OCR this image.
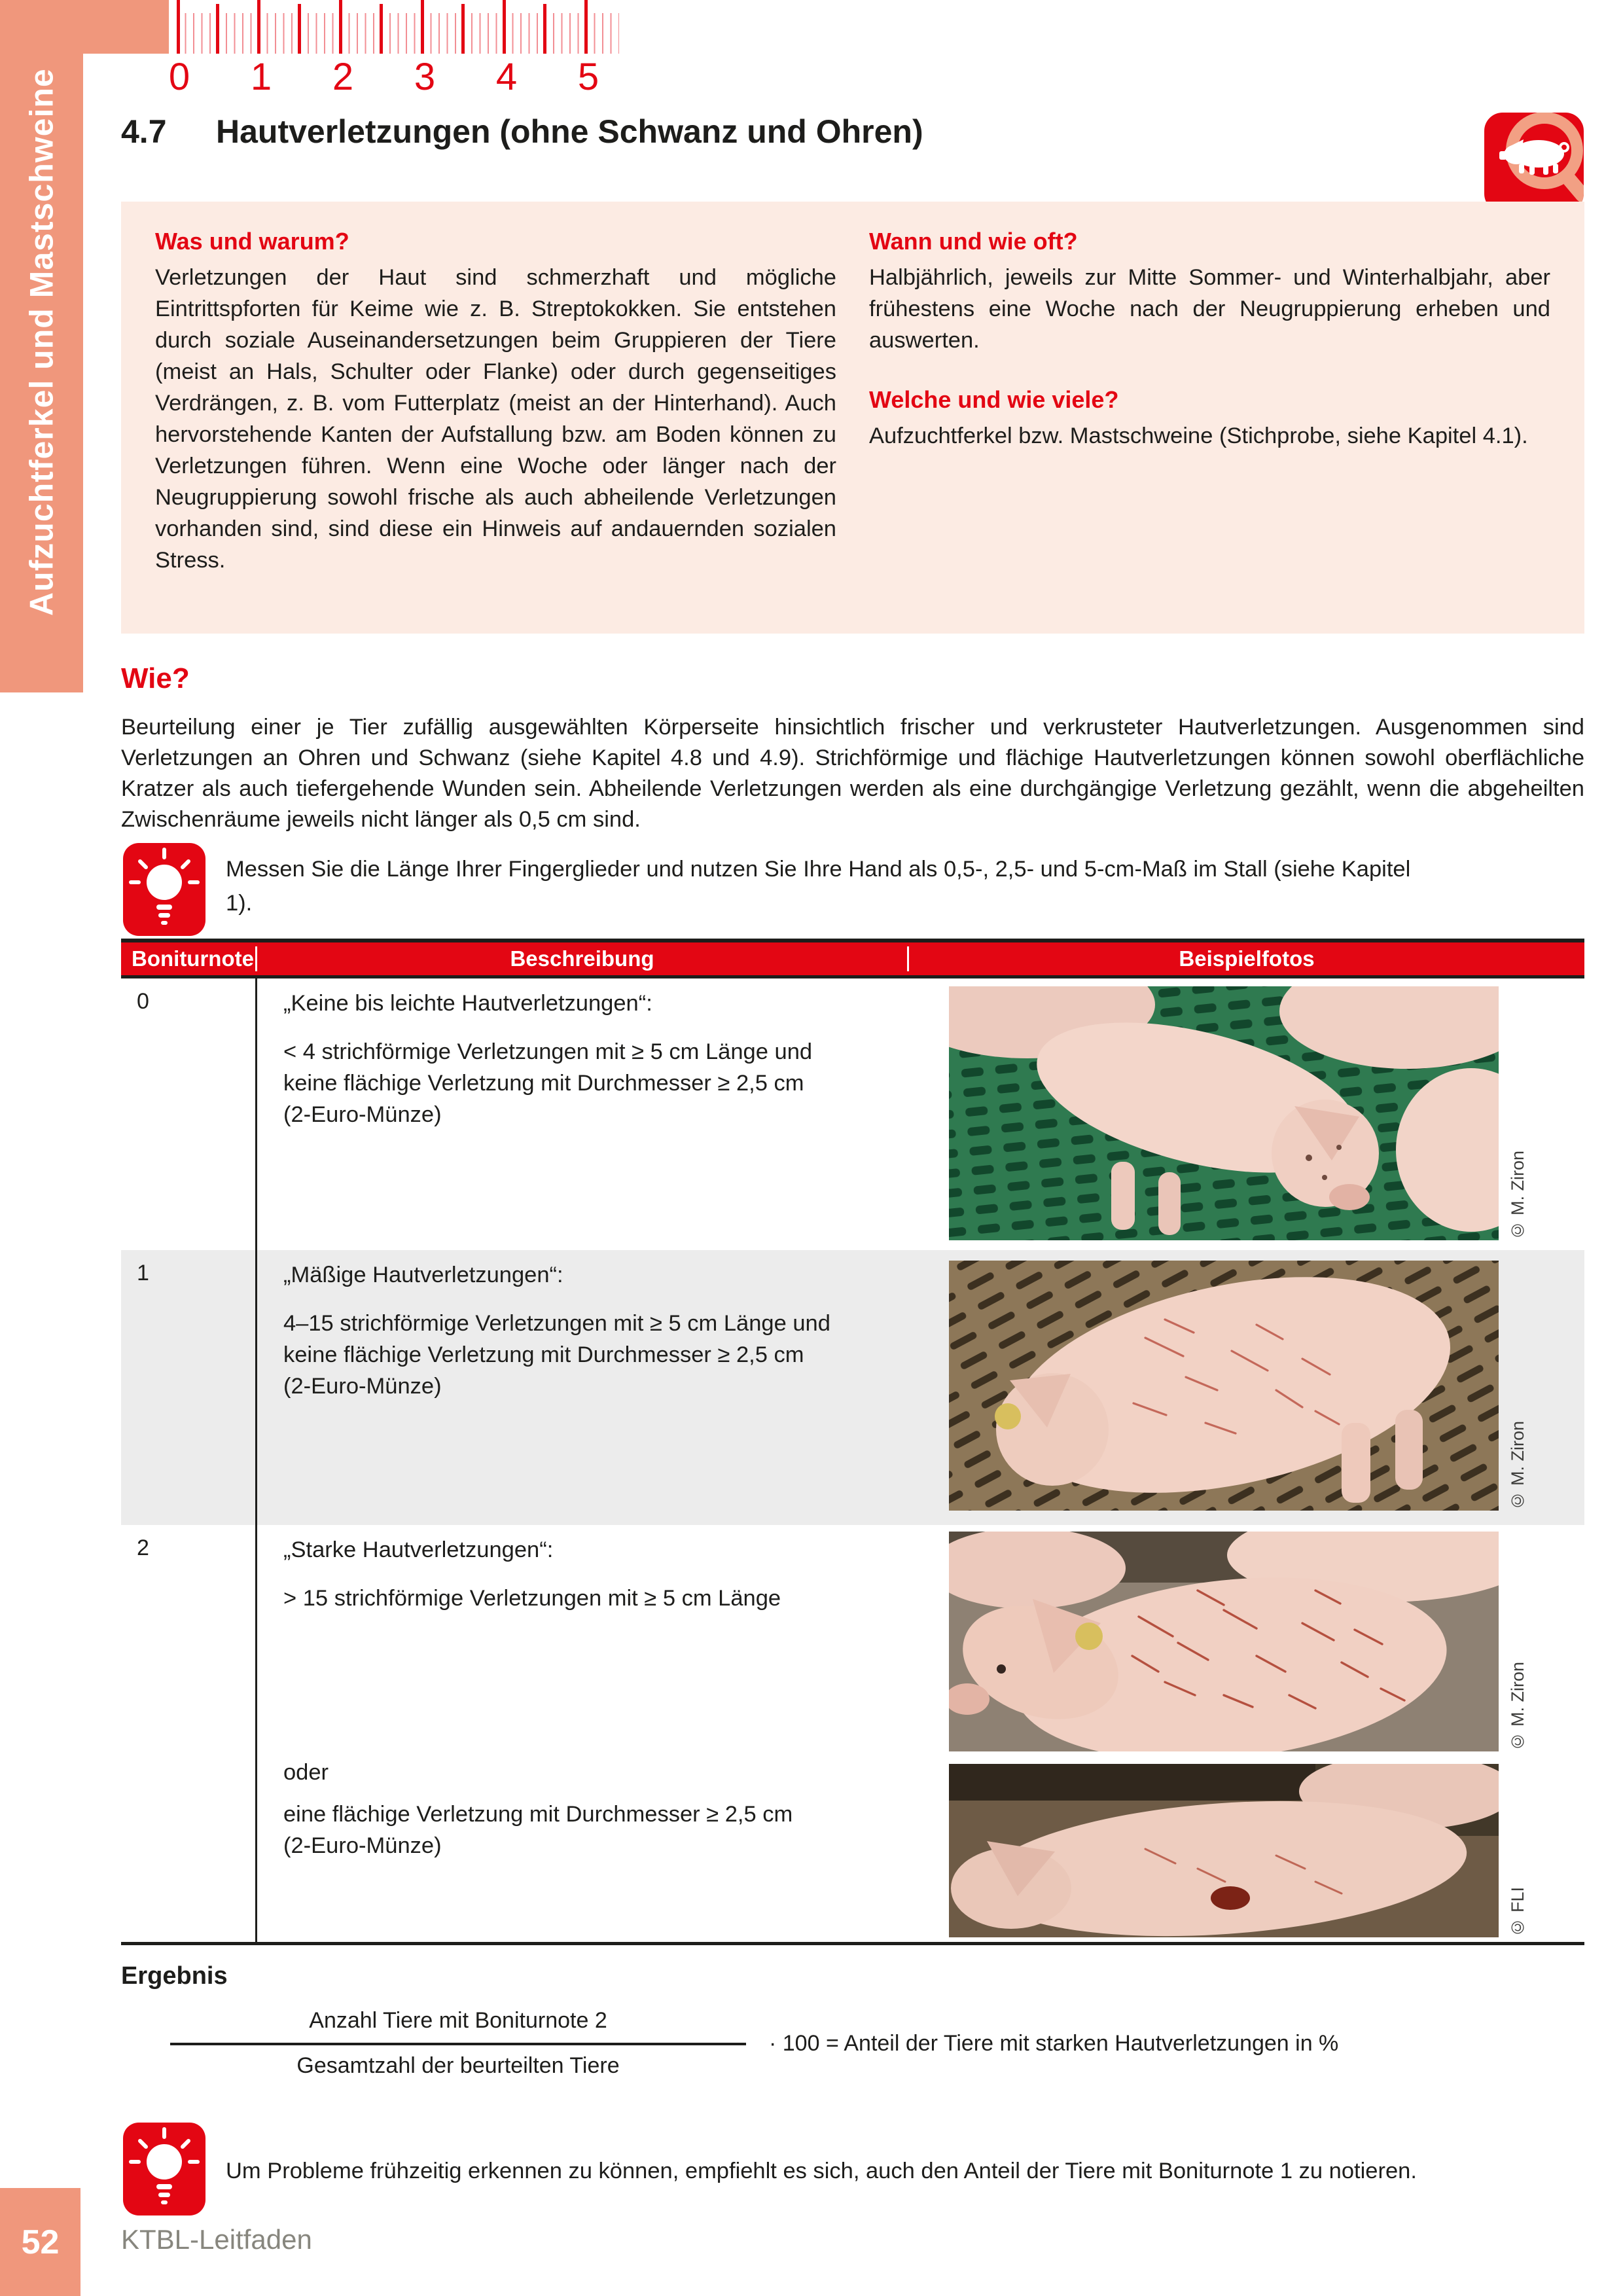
Aufzuchtferkel und Mastschweine	0	1	2	3	4	5
4.7	Hautverletzungen (ohne Schwanz und Ohren)

Was und warum?

Verletzungen der Haut sind schmerzhaft und mögliche Eintrittspforten für Keime wie z. B. Streptokokken. Sie entstehen durch soziale Auseinandersetzungen beim Gruppieren der Tiere (meist an Hals, Schulter oder Flanke) oder durch gegenseitiges Verdrängen, z. B. vom Futterplatz (meist an der Hinterhand). Auch hervorstehende Kanten der Aufstallung bzw. am Boden können zu Verletzungen führen. Wenn eine Woche oder länger nach der Neugruppierung sowohl frische als auch abheilende Verletzungen vorhanden sind, sind diese ein Hinweis auf andauernden sozialen Stress.

Wann und wie oft?

Halbjährlich, jeweils zur Mitte Sommer- und Winterhalbjahr, aber frühestens eine Woche nach der Neugruppierung erheben und auswerten.

Welche und wie viele?

Aufzuchtferkel bzw. Mastschweine (Stichprobe, siehe Kapitel 4.1).

Wie?
Beurteilung einer je Tier zufällig ausgewählten Körperseite hinsichtlich frischer und verkrusteter Hautverletzungen. Ausgenommen sind Verletzungen an Ohren und Schwanz (siehe Kapitel 4.8 und 4.9). Strichförmige und flächige Hautverletzungen können sowohl oberflächliche Kratzer als auch tiefergehende Wunden sein. Abheilende Verletzungen werden als eine durchgängige Verletzung gezählt, wenn die abgeheilten Zwischenräume jeweils nicht länger als 0,5 cm sind.
Messen Sie die Länge Ihrer Fingerglieder und nutzen Sie Ihre Hand als 0,5-, 2,5- und 5-cm-Maß im Stall (siehe Kapitel 1).
Boniturnote	Beschreibung	Beispielfotos
0	„Keine bis leichte Hautverletzungen“:
< 4 strichförmige Verletzungen mit ≥ 5 cm Länge und
keine flächige Verletzung mit Durchmesser ≥ 2,5 cm
(2-Euro-Münze)
© M. Ziron
1	„Mäßige Hautverletzungen“:
4–15 strichförmige Verletzungen mit ≥ 5 cm Länge und
keine flächige Verletzung mit Durchmesser ≥ 2,5 cm
(2-Euro-Münze)
© M. Ziron
2	„Starke Hautverletzungen“:
> 15 strichförmige Verletzungen mit ≥ 5 cm Länge
oder
eine flächige Verletzung mit Durchmesser ≥ 2,5 cm
(2-Euro-Münze)
© M. Ziron
© FLI
Ergebnis
$\frac{\text{Anzahl Tiere mit Boniturnote 2}}{\text{Gesamtzahl der beurteilten Tiere}} \cdot 100$ = Anteil der Tiere mit starken Hautverletzungen in %
Um Probleme frühzeitig erkennen zu können, empfiehlt es sich, auch den Anteil der Tiere mit Boniturnote 1 zu notieren.
52	KTBL-Leitfaden
